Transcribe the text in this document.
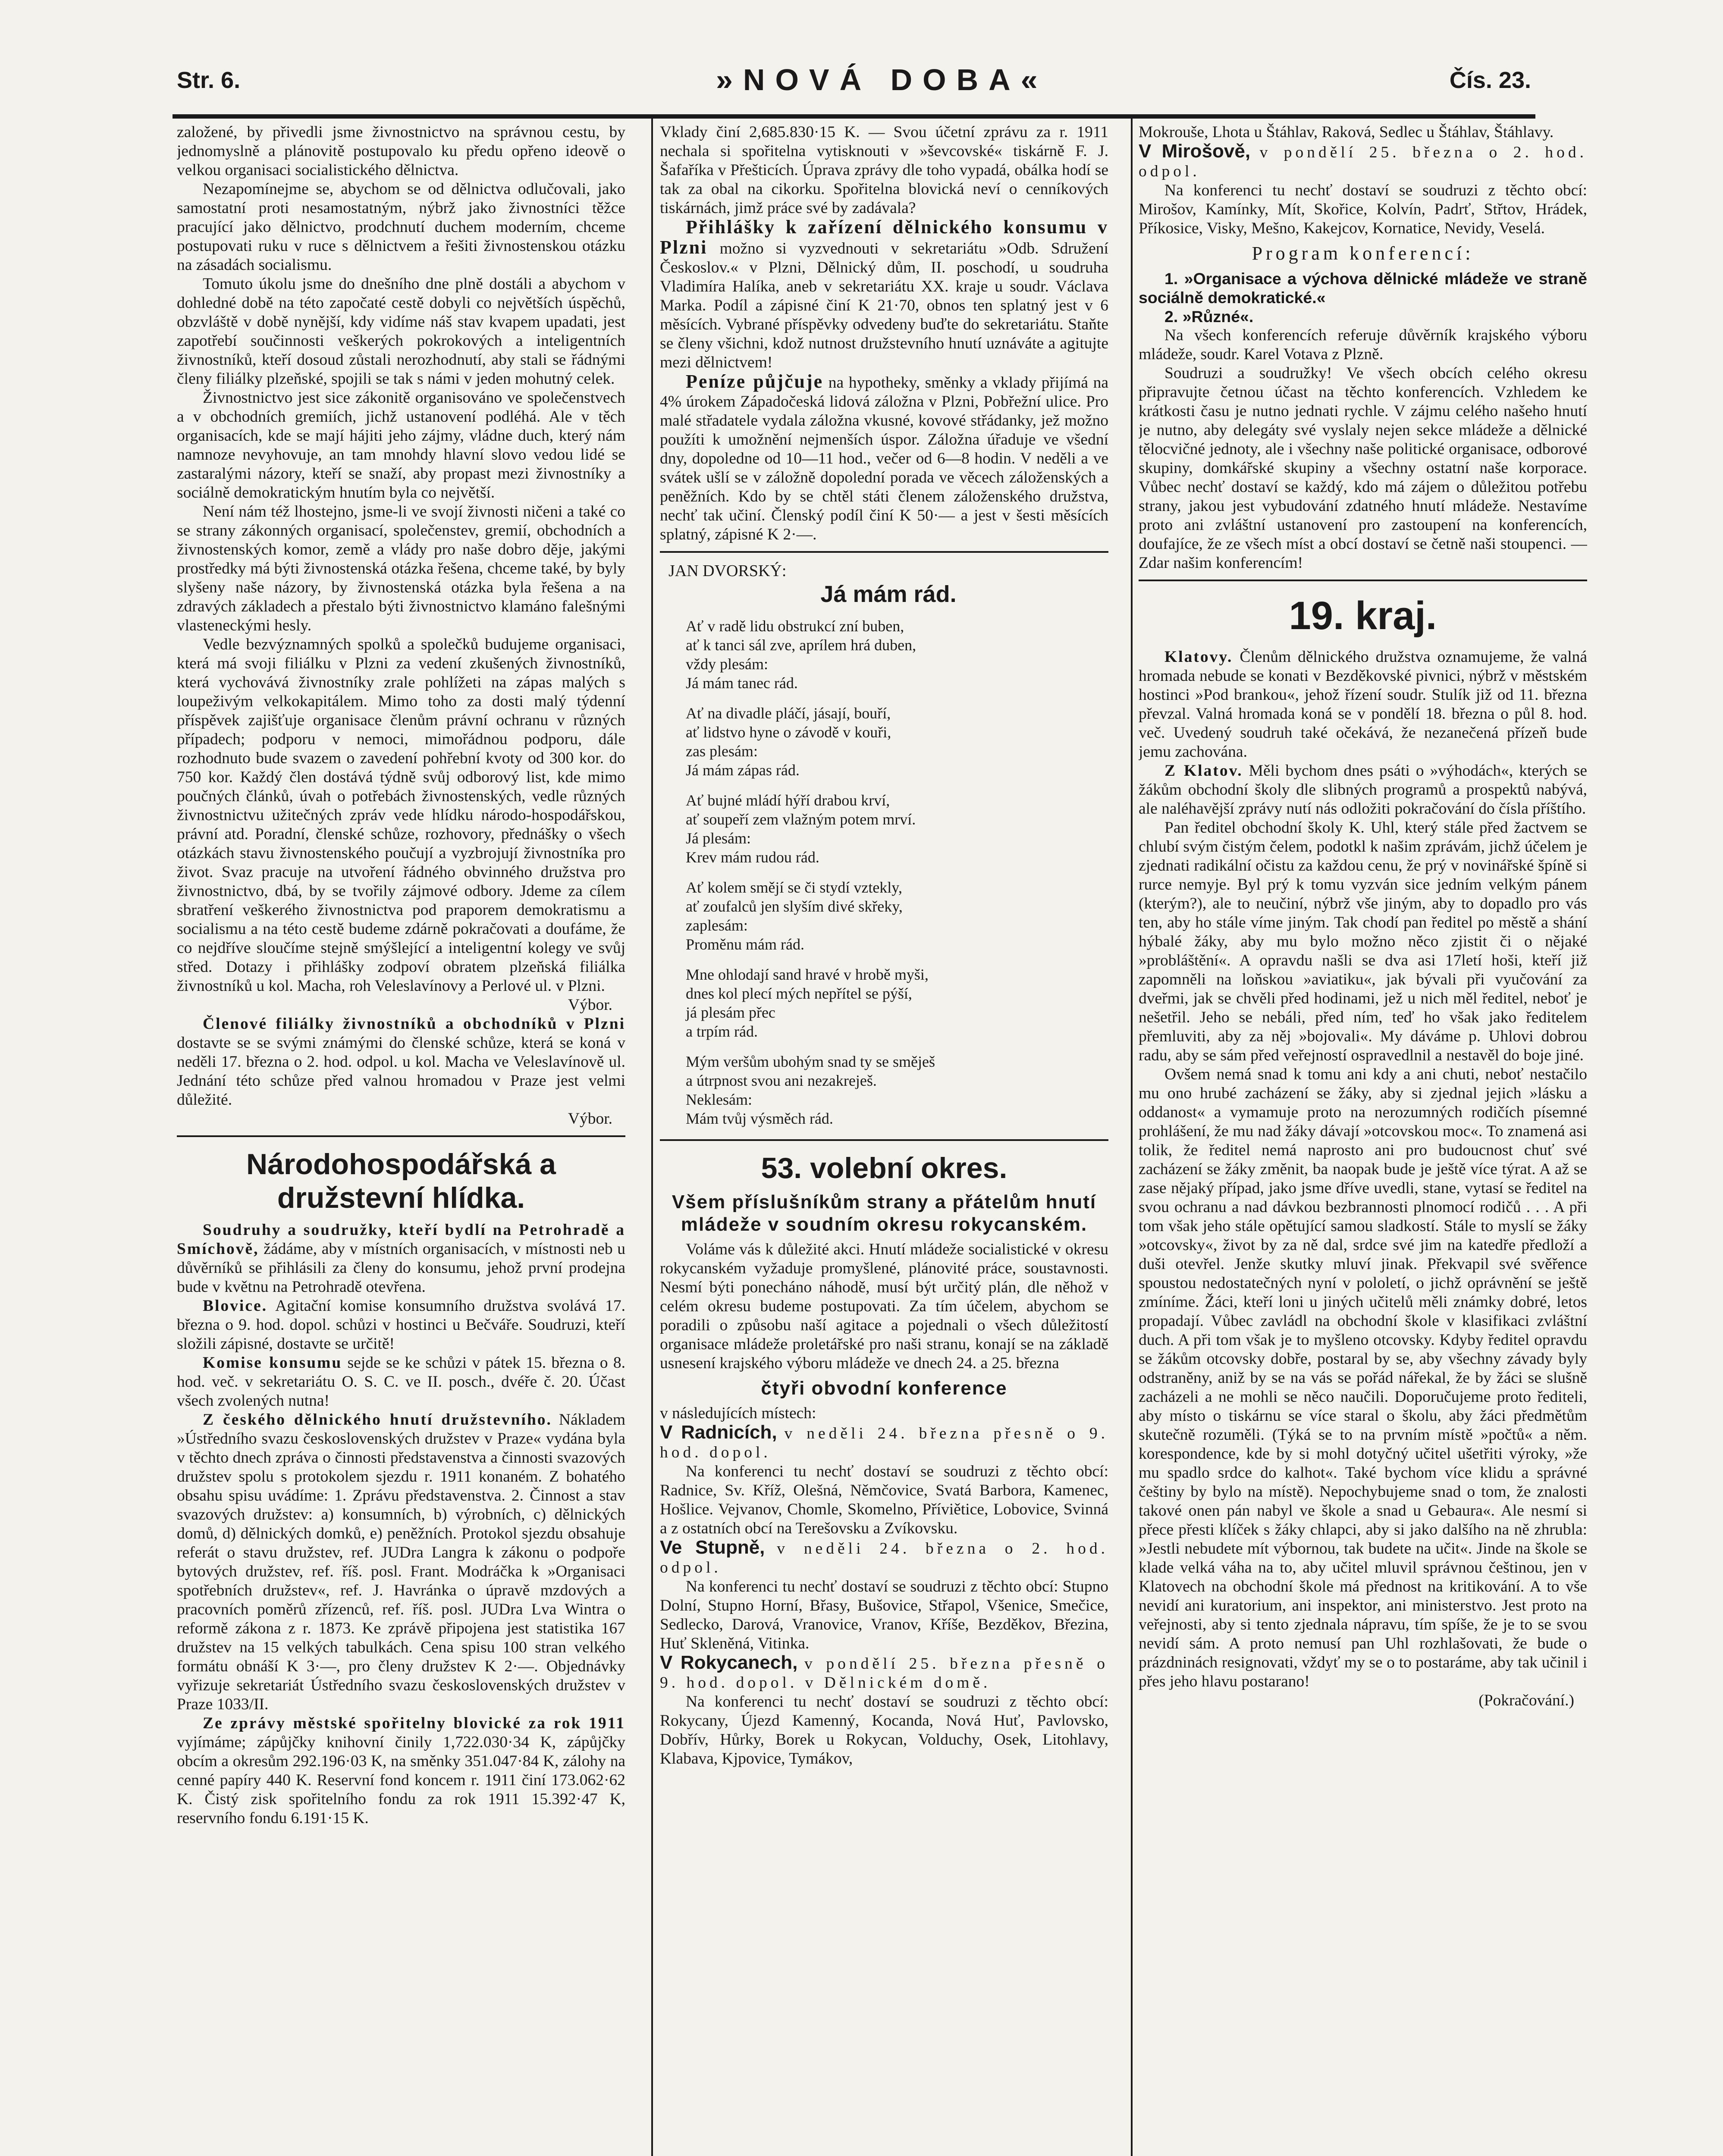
Str. 6.	»NOVÁ DOBA«	Čís. 23.

založené, by přivedli jsme živnostnictvo na správnou cestu, by jednomyslně a plánovitě postupovalo ku předu opřeno ideově o velkou organisaci socialistického dělnictva.

Nezapomínejme se, abychom se od dělnictva odlučovali, jako samostatní proti nesamostatným, nýbrž jako živnostníci těžce pracující jako dělnictvo, prodchnutí duchem moderním, chceme postupovati ruku v ruce s dělnictvem a řešiti živnostenskou otázku na zásadách socialismu.

Tomuto úkolu jsme do dnešního dne plně dostáli a abychom v dohledné době na této započaté cestě dobyli co největších úspěchů, obzvláště v době nynější, kdy vidíme náš stav kvapem upadati, jest zapotřebí součinnosti veškerých pokrokových a inteligentních živnostníků, kteří dosoud zůstali nerozhodnutí, aby stali se řádnými členy filiálky plzeňské, spojili se tak s námi v jeden mohutný celek.

Živnostnictvo jest sice zákonitě organisováno ve společenstvech a v obchodních gremiích, jichž ustanovení podléhá. Ale v těch organisacích, kde se mají hájiti jeho zájmy, vládne duch, který nám namnoze nevyhovuje, an tam mnohdy hlavní slovo vedou lidé se zastaralými názory, kteří se snaží, aby propast mezi živnostníky a sociálně demokratickým hnutím byla co největší.

Není nám též lhostejno, jsme-li ve svojí živnosti ničeni a také co se strany zákonných organisací, společenstev, gremií, obchodních a živnostenských komor, země a vlády pro naše dobro děje, jakými prostředky má býti živnostenská otázka řešena, chceme také, by byly slyšeny naše názory, by živnostenská otázka byla řešena a na zdravých základech a přestalo býti živnostnictvo klamáno falešnými vlasteneckými hesly.

Vedle bezvýznamných spolků a společků budujeme organisaci, která má svoji filiálku v Plzni za vedení zkušených živnostníků, která vychovává živnostníky zrale pohlížeti na zápas malých s loupeživým velkokapitálem. Mimo toho za dosti malý týdenní příspěvek zajišťuje organisace členům právní ochranu v různých případech; podporu v nemoci, mimořádnou podporu, dále rozhodnuto bude svazem o zavedení pohřební kvoty od 300 kor. do 750 kor. Každý člen dostává týdně svůj odborový list, kde mimo poučných článků, úvah o potřebách živnostenských, vedle různých živnostnictvu užitečných zpráv vede hlídku národo-hospodářskou, právní atd. Poradní, členské schůze, rozhovory, přednášky o všech otázkách stavu živnostenského poučují a vyzbrojují živnostníka pro život. Svaz pracuje na utvoření řádného obvinného družstva pro živnostnictvo, dbá, by se tvořily zájmové odbory. Jdeme za cílem sbratření veškerého živnostnictva pod praporem demokratismu a socialismu a na této cestě budeme zdárně pokračovati a doufáme, že co nejdříve sloučíme stejně smýšlející a inteligentní kolegy ve svůj střed. Dotazy i přihlášky zodpoví obratem plzeňská filiálka živnostníků u kol. Macha, roh Veleslavínovy a Perlové ul. v Plzni.

Výbor.

Členové filiálky živnostníků a obchodníků v Plzni dostavte se se svými známými do členské schůze, která se koná v neděli 17. března o 2. hod. odpol. u kol. Macha ve Veleslavínově ul. Jednání této schůze před valnou hromadou v Praze jest velmi důležité.

Výbor.

Národohospodářská a družstevní hlídka.

Soudruhy a soudružky, kteří bydlí na Petrohradě a Smíchově, žádáme, aby v místních organisacích, v místnosti neb u důvěrníků se přihlásili za členy do konsumu, jehož první prodejna bude v květnu na Petrohradě otevřena.

Blovice. Agitační komise konsumního družstva svolává 17. března o 9. hod. dopol. schůzi v hostinci u Bečváře. Soudruzi, kteří složili zápisné, dostavte se určitě!

Komise konsumu sejde se ke schůzi v pátek 15. března o 8. hod. več. v sekretariátu O. S. C. ve II. posch., dvéře č. 20. Účast všech zvolených nutna!

Z českého dělnického hnutí družstevního. Nákladem »Ústředního svazu československých družstev v Praze« vydána byla v těchto dnech zpráva o činnosti představenstva a činnosti svazových družstev spolu s protokolem sjezdu r. 1911 konaném. Z bohatého obsahu spisu uvádíme: 1. Zprávu představenstva. 2. Činnost a stav svazových družstev: a) konsumních, b) výrobních, c) dělnických domů, d) dělnických domků, e) peněžních. Protokol sjezdu obsahuje referát o stavu družstev, ref. JUDra Langra k zákonu o podpoře bytových družstev, ref. říš. posl. Frant. Modráčka k »Organisaci spotřebních družstev«, ref. J. Havránka o úpravě mzdových a pracovních poměrů zřízenců, ref. říš. posl. JUDra Lva Wintra o reformě zákona z r. 1873. Ke zprávě připojena jest statistika 167 družstev na 15 velkých tabulkách. Cena spisu 100 stran velkého formátu obnáší K 3·—, pro členy družstev K 2·—. Objednávky vyřizuje sekretariát Ústředního svazu československých družstev v Praze 1033/II.

Ze zprávy městské spořitelny blovické za rok 1911 vyjímáme; zápůjčky knihovní činily 1,722.030·34 K, zápůjčky obcím a okresům 292.196·03 K, na směnky 351.047·84 K, zálohy na cenné papíry 440 K. Reservní fond koncem r. 1911 činí 173.062·62 K. Čistý zisk spořitelního fondu za rok 1911 15.392·47 K, reservního fondu 6.191·15 K.

Vklady činí 2,685.830·15 K. — Svou účetní zprávu za r. 1911 nechala si spořitelna vytisknouti v »ševcovské« tiskárně F. J. Šafaříka v Přešticích. Úprava zprávy dle toho vypadá, obálka hodí se tak za obal na cikorku. Spořitelna blovická neví o cenníkových tiskárnách, jimž práce své by zadávala?

Přihlášky k zařízení dělnického konsumu v Plzni možno si vyzvednouti v sekretariátu »Odb. Sdružení Českoslov.« v Plzni, Dělnický dům, II. poschodí, u soudruha Vladimíra Halíka, aneb v sekretariátu XX. kraje u soudr. Václava Marka. Podíl a zápisné činí K 21·70, obnos ten splatný jest v 6 měsících. Vybrané příspěvky odvedeny buďte do sekretariátu. Staňte se členy všichni, kdož nutnost družstevního hnutí uznáváte a agitujte mezi dělnictvem!

Peníze půjčuje na hypotheky, směnky a vklady přijímá na 4% úrokem Západočeská lidová záložna v Plzni, Pobřežní ulice. Pro malé střadatele vydala záložna vkusné, kovové střádanky, jež možno použíti k umožnění nejmenších úspor. Záložna úřaduje ve všední dny, dopoledne od 10—11 hod., večer od 6—8 hodin. V neděli a ve svátek ušlí se v záložně dopolední porada ve věcech záloženských a peněžních. Kdo by se chtěl státi členem záloženského družstva, nechť tak učiní. Členský podíl činí K 50·— a jest v šesti měsících splatný, zápisné K 2·—.

JAN DVORSKÝ:
Já mám rád.
Ať v radě lidu obstrukcí zní buben,
ať k tanci sál zve, aprílem hrá duben,
vždy plesám:
Já mám tanec rád.
Ať na divadle pláčí, jásají, bouří,
ať lidstvo hyne o závodě v kouři,
zas plesám:
Já mám zápas rád.
Ať bujné mládí hýří drabou krví,
ať soupeří zem vlažným potem mrví.
Já plesám:
Krev mám rudou rád.
Ať kolem smějí se či stydí vztekly,
ať zoufalců jen slyším divé skřeky,
zaplesám:
Proměnu mám rád.
Mne ohlodají sand hravé v hrobě myši,
dnes kol plecí mých nepřítel se pýší,
já plesám přec
a trpím rád.
Mým veršům ubohým snad ty se směješ
a útrpnost svou ani nezakreješ.
Neklesám:
Mám tvůj výsměch rád.
53. volební okres.
Všem příslušníkům strany a přátelům hnutí mládeže v soudním okresu rokycanském.

Voláme vás k důležité akci. Hnutí mládeže socialistické v okresu rokycanském vyžaduje promyšlené, plánovité práce, soustavnosti. Nesmí býti ponecháno náhodě, musí být určitý plán, dle něhož v celém okresu budeme postupovati. Za tím účelem, abychom se poradili o způsobu naší agitace a pojednali o všech důležitostí organisace mládeže proletářské pro naši stranu, konají se na základě usnesení krajského výboru mládeže ve dnech 24. a 25. března

čtyři obvodní konference

v následujících místech:

V Radnicích, v neděli 24. března přesně o 9. hod. dopol.

Na konferenci tu nechť dostaví se soudruzi z těchto obcí: Radnice, Sv. Kříž, Olešná, Němčovice, Svatá Barbora, Kamenec, Hošlice. Vejvanov, Chomle, Skomelno, Příviětice, Lobovice, Svinná a z ostatních obcí na Terešovsku a Zvíkovsku.

Ve Stupně, v neděli 24. března o 2. hod. odpol.

Na konferenci tu nechť dostaví se soudruzi z těchto obcí: Stupno Dolní, Stupno Horní, Břasy, Bušovice, Střapol, Všenice, Smečice, Sedlecko, Darová, Vranovice, Vranov, Kříše, Bezděkov, Březina, Huť Skleněná, Vitinka.

V Rokycanech, v pondělí 25. března přesně o 9. hod. dopol. v Dělnickém domě.

Na konferenci tu nechť dostaví se soudruzi z těchto obcí: Rokycany, Újezd Kamenný, Kocanda, Nová Huť, Pavlovsko, Dobřív, Hůrky, Borek u Rokycan, Volduchy, Osek, Litohlavy, Klabava, Kjpovice, Tymákov,

Mokrouše, Lhota u Štáhlav, Raková, Sedlec u Štáhlav, Štáhlavy.

V Mirošově, v pondělí 25. března o 2. hod. odpol.

Na konferenci tu nechť dostaví se soudruzi z těchto obcí: Mirošov, Kamínky, Mít, Skořice, Kolvín, Padrť, Střtov, Hrádek, Příkosice, Visky, Mešno, Kakejcov, Kornatice, Nevidy, Veselá.

Program konferencí:

1. »Organisace a výchova dělnické mládeže ve straně sociálně demokratické.«

2. »Různé«.

Na všech konferencích referuje důvěrník krajského výboru mládeže, soudr. Karel Votava z Plzně.

Soudruzi a soudružky! Ve všech obcích celého okresu připravujte četnou účast na těchto konferencích. Vzhledem ke krátkosti času je nutno jednati rychle. V zájmu celého našeho hnutí je nutno, aby delegáty své vyslaly nejen sekce mládeže a dělnické tělocvičné jednoty, ale i všechny naše politické organisace, odborové skupiny, domkářské skupiny a všechny ostatní naše korporace. Vůbec nechť dostaví se každý, kdo má zájem o důležitou potřebu strany, jakou jest vybudování zdatného hnutí mládeže. Nestavíme proto ani zvláštní ustanovení pro zastoupení na konferencích, doufajíce, že ze všech míst a obcí dostaví se četně naši stoupenci. — Zdar našim konferencím!

19. kraj.

Klatovy. Členům dělnického družstva oznamujeme, že valná hromada nebude se konati v Bezděkovské pivnici, nýbrž v městském hostinci »Pod brankou«, jehož řízení soudr. Stulík již od 11. března převzal. Valná hromada koná se v pondělí 18. března o půl 8. hod. več. Uvedený soudruh také očekává, že nezanečená přízeň bude jemu zachována.

Z Klatov. Měli bychom dnes psáti o »výhodách«, kterých se žákům obchodní školy dle slibných programů a prospektů nabývá, ale naléhavější zprávy nutí nás odložiti pokračování do čísla příštího.

Pan ředitel obchodní školy K. Uhl, který stále před žactvem se chlubí svým čistým čelem, podotkl k našim zprávám, jichž účelem je zjednati radikální očistu za každou cenu, že prý v novinářské špíně si rurce nemyje. Byl prý k tomu vyzván sice jedním velkým pánem (kterým?), ale to neučiní, nýbrž vše jiným, aby to dopadlo pro vás ten, aby ho stále víme jiným. Tak chodí pan ředitel po městě a shání hýbalé žáky, aby mu bylo možno něco zjistit či o nějaké »probláštění«. A opravdu našli se dva asi 17letí hoši, kteří již zapomněli na loňskou »aviatiku«, jak bývali při vyučování za dveřmi, jak se chvěli před hodinami, jež u nich měl ředitel, neboť je nešetřil. Jeho se nebáli, před ním, teď ho však jako ředitelem přemluviti, aby za něj »bojovali«. My dáváme p. Uhlovi dobrou radu, aby se sám před veřejností ospravedlnil a nestavěl do boje jiné.

Ovšem nemá snad k tomu ani kdy a ani chuti, neboť nestačilo mu ono hrubé zacházení se žáky, aby si zjednal jejich »lásku a oddanost« a vymamuje proto na nerozumných rodičích písemné prohlášení, že mu nad žáky dávají »otcovskou moc«. To znamená asi tolik, že ředitel nemá naprosto ani pro budoucnost chuť své zacházení se žáky změnit, ba naopak bude je ještě více týrat. A až se zase nějaký případ, jako jsme dříve uvedli, stane, vytasí se ředitel na svou ochranu a nad dávkou bezbrannosti plnomocí rodičů . . . A při tom však jeho stále opětující samou sladkostí. Stále to myslí se žáky »otcovsky«, život by za ně dal, srdce své jim na katedře předloží a duši otevřel. Jenže skutky mluví jinak. Překvapil své svěřence spoustou nedostatečných nyní v pololetí, o jichž oprávnění se ještě zmíníme. Žáci, kteří loni u jiných učitelů měli známky dobré, letos propadají. Vůbec zavládl na obchodní škole v klasifikaci zvláštní duch. A při tom však je to myšleno otcovsky. Kdyby ředitel opravdu se žákům otcovsky dobře, postaral by se, aby všechny závady byly odstraněny, aniž by se na vás se pořád nářekal, že by žáci se slušně zacházeli a ne mohli se něco naučili. Doporučujeme proto řediteli, aby místo o tiskárnu se více staral o školu, aby žáci předmětům skutečně rozuměli. (Týká se to na prvním místě »počtů« a něm. korespondence, kde by si mohl dotyčný učitel ušetřiti výroky, »že mu spadlo srdce do kalhot«. Také bychom více klidu a správné češtiny by bylo na místě). Nepochybujeme snad o tom, že znalosti takové onen pán nabyl ve škole a snad u Gebaura«. Ale nesmí si přece přesti klíček s žáky chlapci, aby si jako dalšího na ně zhrubla: »Jestli nebudete mít výbornou, tak budete na učit«. Jinde na škole se klade velká váha na to, aby učitel mluvil správnou češtinou, jen v Klatovech na obchodní škole má přednost na kritikování. A to vše nevidí ani kuratorium, ani inspektor, ani ministerstvo. Jest proto na veřejnosti, aby si tento zjednala nápravu, tím spíše, že je to se svou nevidí sám. A proto nemusí pan Uhl rozhlašovati, že bude o prázdninách resignovati, vždyť my se o to postaráme, aby tak učinil i přes jeho hlavu postarano!

(Pokračování.)
